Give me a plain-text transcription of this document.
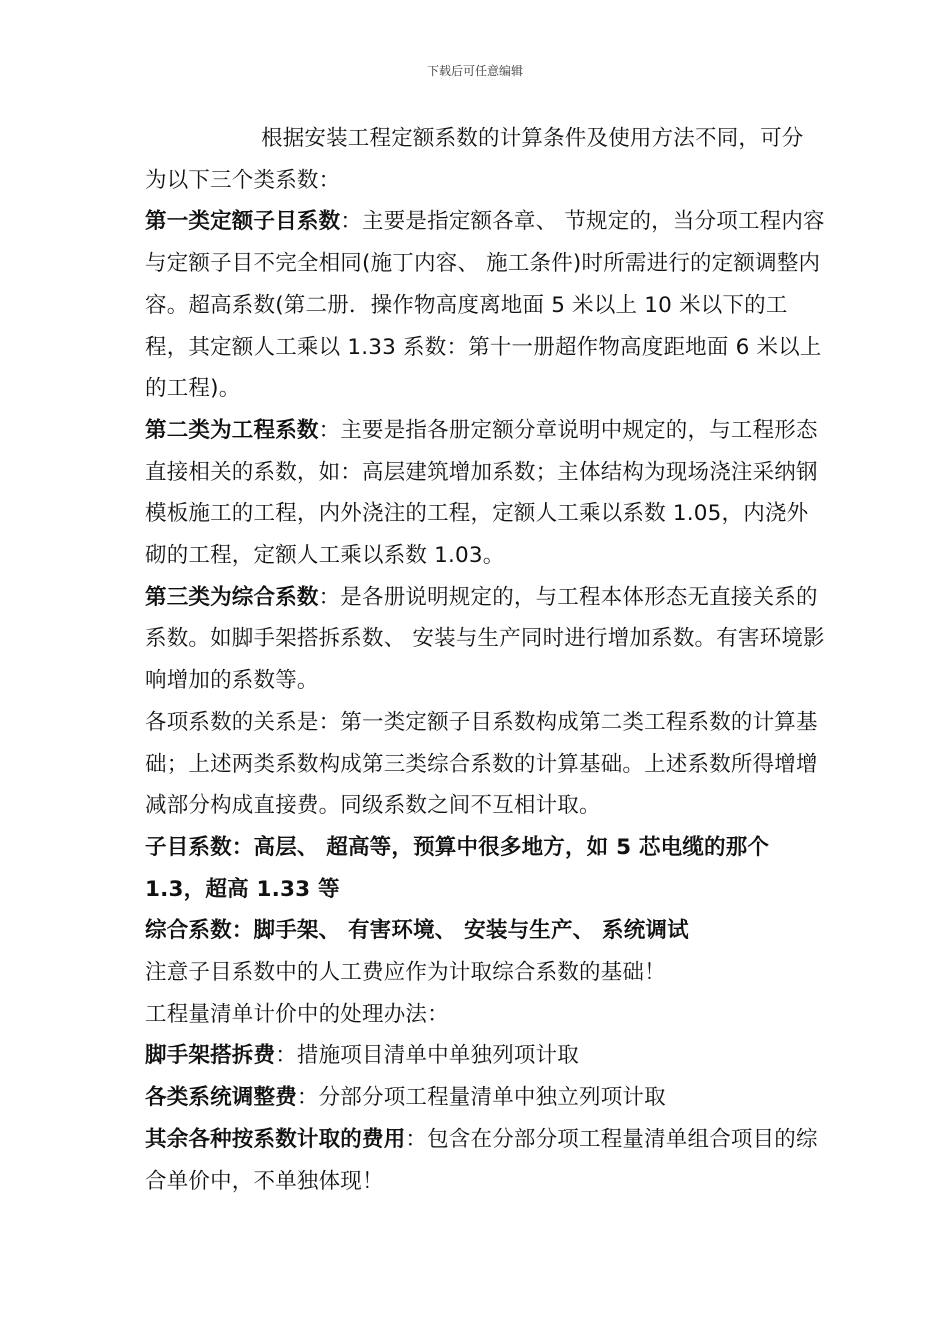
下载后可任意编辑

根据安装工程定额系数的计算条件及使用方法不同，可分为以下三个类系数：

第一类定额子目系数：主要是指定额各章、 节规定的，当分项工程内容与定额子目不完全相同(施丁内容、 施工条件)时所需进行的定额调整内容。超高系数(第二册．操作物高度离地面 5 米以上 10 米以下的工程，其定额人工乘以 1.33 系数：第十一册超作物高度距地面 6 米以上的工程)。

第二类为工程系数：主要是指各册定额分章说明中规定的，与工程形态直接相关的系数，如：高层建筑增加系数；主体结构为现场浇注采纳钢模板施工的工程，内外浇注的工程，定额人工乘以系数 1.05，内浇外砌的工程，定额人工乘以系数 1.03。

第三类为综合系数：是各册说明规定的，与工程本体形态无直接关系的系数。如脚手架搭拆系数、 安装与生产同时进行增加系数。有害环境影响增加的系数等。

各项系数的关系是：第一类定额子目系数构成第二类工程系数的计算基础；上述两类系数构成第三类综合系数的计算基础。上述系数所得增增减部分构成直接费。同级系数之间不互相计取。

子目系数：高层、 超高等，预算中很多地方，如 5 芯电缆的那个 1.3，超高 1.33 等

综合系数：脚手架、 有害环境、 安装与生产、 系统调试

注意子目系数中的人工费应作为计取综合系数的基础！

工程量清单计价中的处理办法：

脚手架搭拆费：措施项目清单中单独列项计取

各类系统调整费：分部分项工程量清单中独立列项计取

其余各种按系数计取的费用：包含在分部分项工程量清单组合项目的综合单价中，不单独体现！
